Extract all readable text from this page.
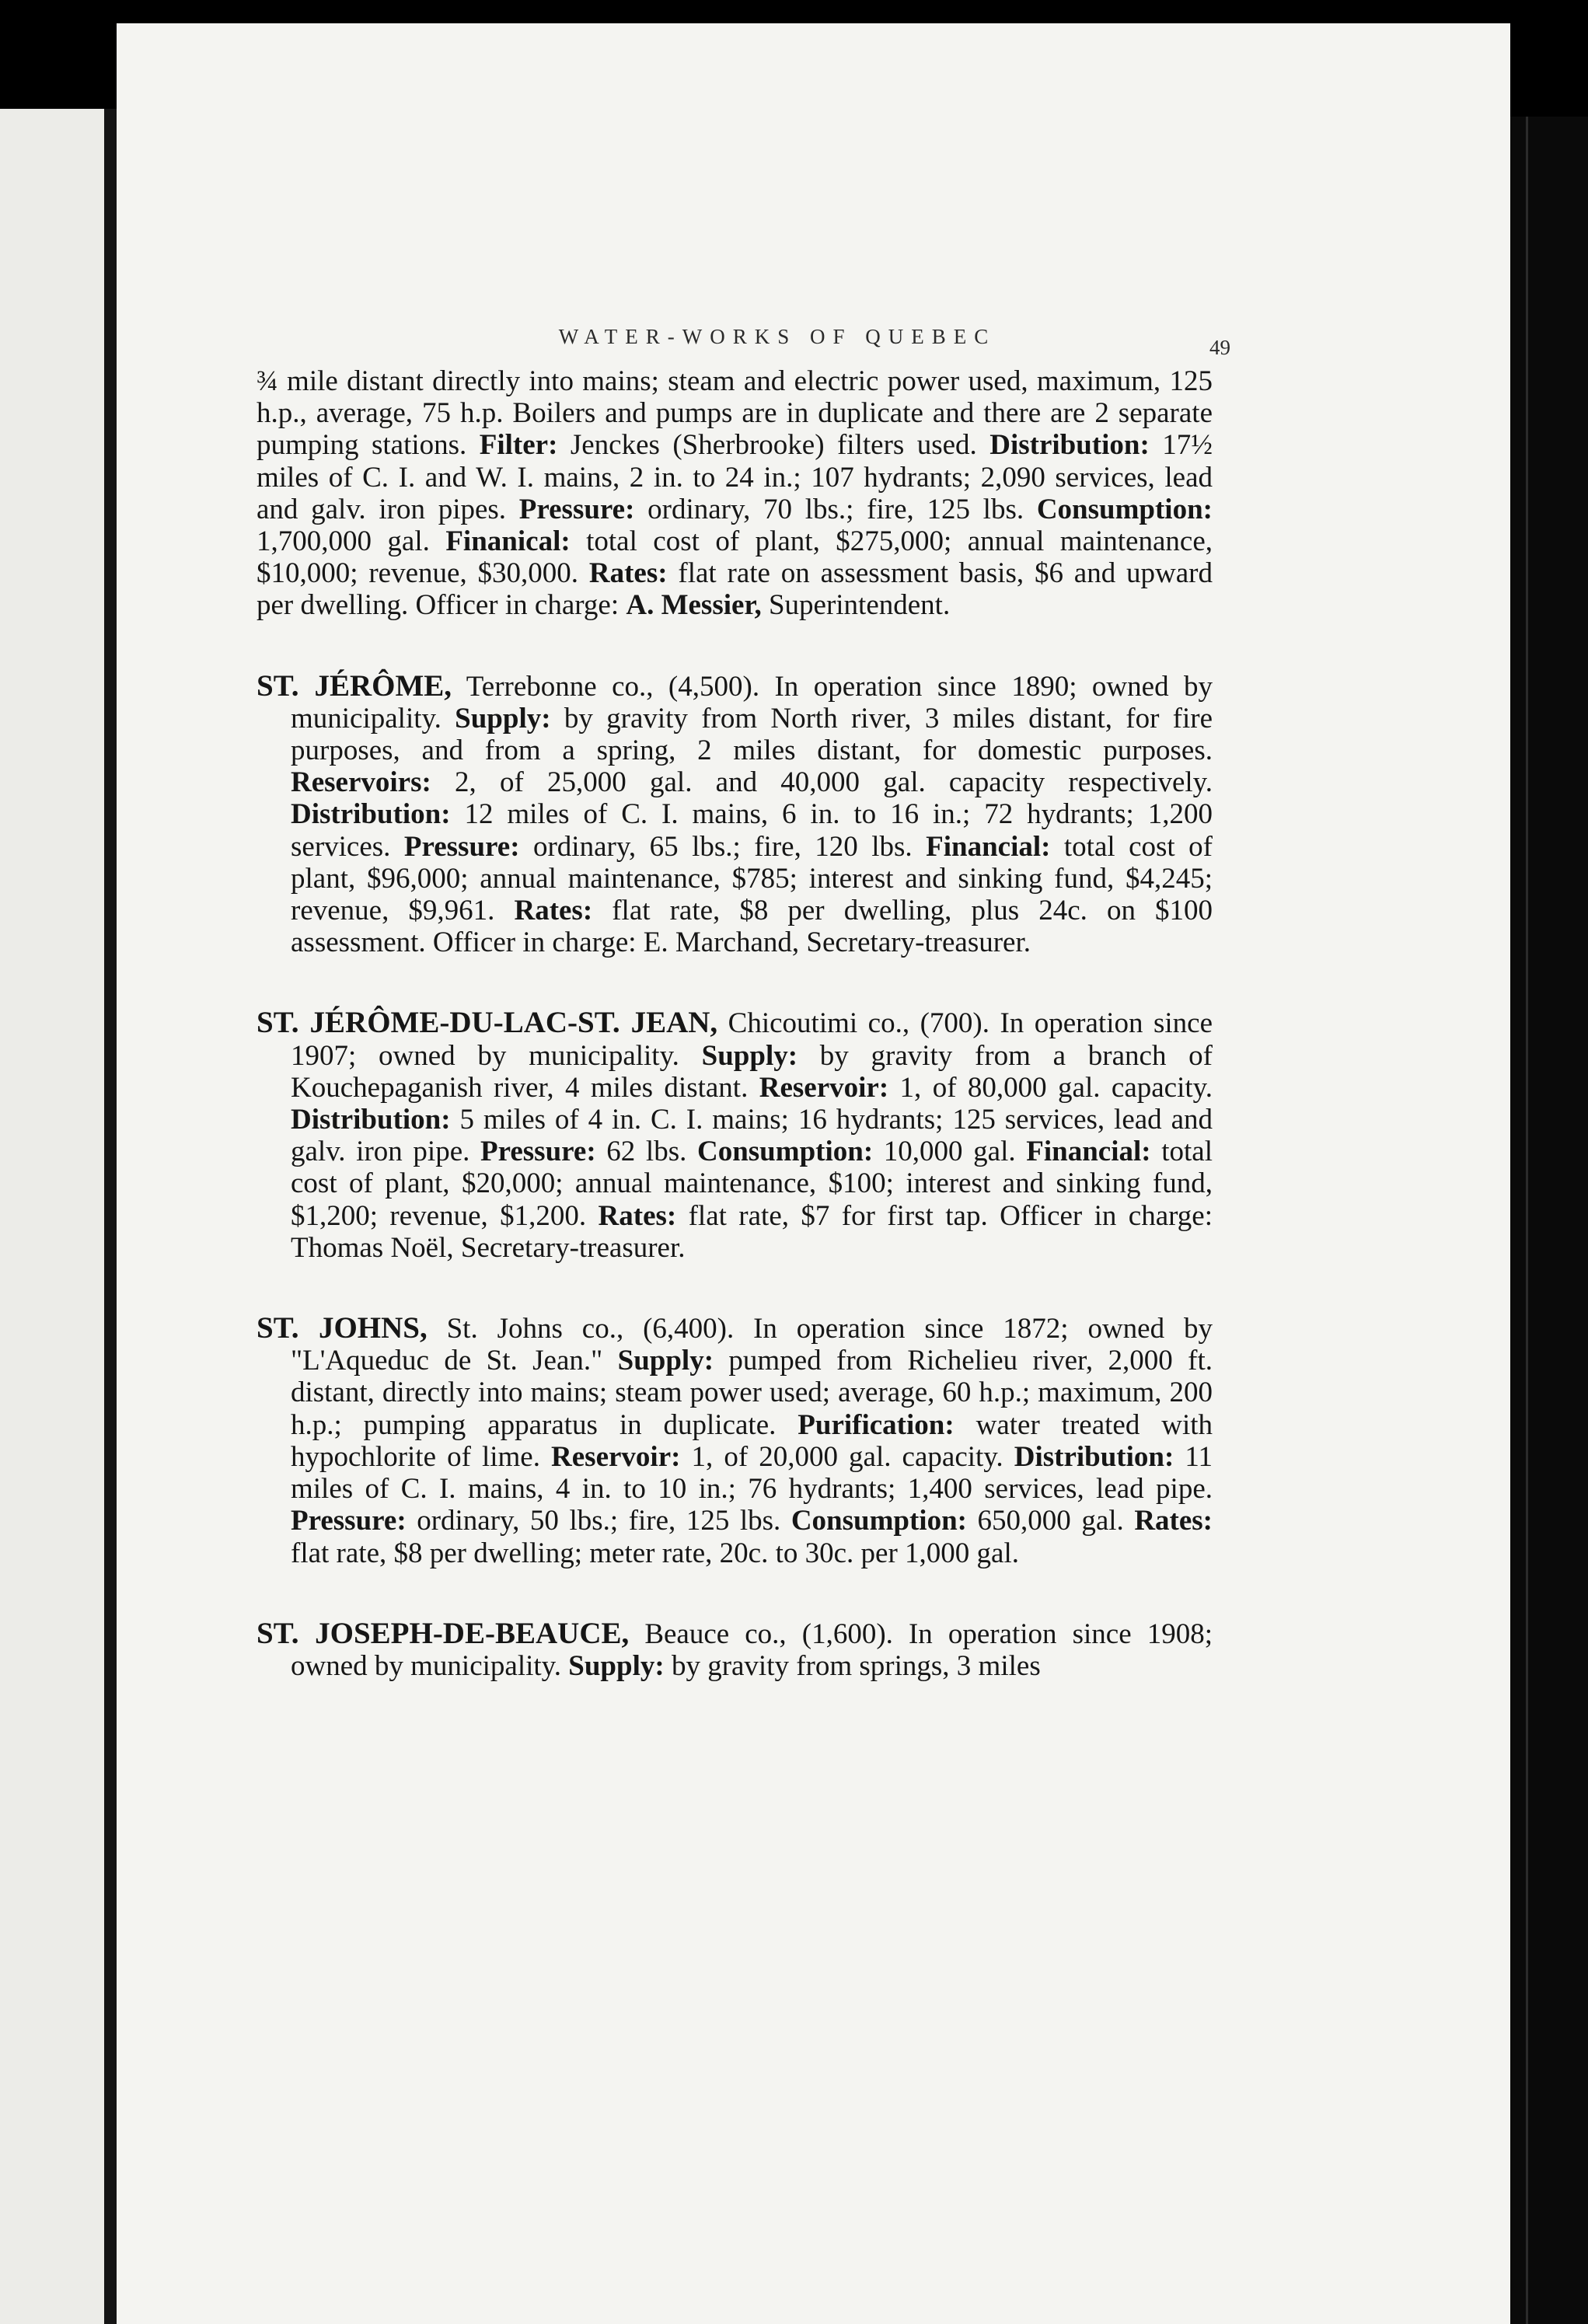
WATER-WORKS OF QUEBEC	49

¾ mile distant directly into mains; steam and electric power used, maximum, 125 h.p., average, 75 h.p. Boilers and pumps are in duplicate and there are 2 separate pumping stations. Filter: Jenckes (Sherbrooke) filters used. Distribution: 17½ miles of C. I. and W. I. mains, 2 in. to 24 in.; 107 hydrants; 2,090 services, lead and galv. iron pipes. Pressure: ordinary, 70 lbs.; fire, 125 lbs. Consumption: 1,700,000 gal. Finanical: total cost of plant, $275,000; annual maintenance, $10,000; revenue, $30,000. Rates: flat rate on assessment basis, $6 and upward per dwelling. Officer in charge: A. Messier, Superintendent.

ST. JÉRÔME, Terrebonne co., (4,500). In operation since 1890; owned by municipality. Supply: by gravity from North river, 3 miles distant, for fire purposes, and from a spring, 2 miles distant, for domestic purposes. Reservoirs: 2, of 25,000 gal. and 40,000 gal. capacity respectively. Distribution: 12 miles of C. I. mains, 6 in. to 16 in.; 72 hydrants; 1,200 services. Pressure: ordinary, 65 lbs.; fire, 120 lbs. Financial: total cost of plant, $96,000; annual maintenance, $785; interest and sinking fund, $4,245; revenue, $9,961. Rates: flat rate, $8 per dwelling, plus 24c. on $100 assessment. Officer in charge: E. Marchand, Secretary-treasurer.

ST. JÉRÔME-DU-LAC-ST. JEAN, Chicoutimi co., (700). In operation since 1907; owned by municipality. Supply: by gravity from a branch of Kouchepaganish river, 4 miles distant. Reservoir: 1, of 80,000 gal. capacity. Distribution: 5 miles of 4 in. C. I. mains; 16 hydrants; 125 services, lead and galv. iron pipe. Pressure: 62 lbs. Consumption: 10,000 gal. Financial: total cost of plant, $20,000; annual maintenance, $100; interest and sinking fund, $1,200; revenue, $1,200. Rates: flat rate, $7 for first tap. Officer in charge: Thomas Noël, Secretary-treasurer.

ST. JOHNS, St. Johns co., (6,400). In operation since 1872; owned by "L'Aqueduc de St. Jean." Supply: pumped from Richelieu river, 2,000 ft. distant, directly into mains; steam power used; average, 60 h.p.; maximum, 200 h.p.; pumping apparatus in duplicate. Purification: water treated with hypochlorite of lime. Reservoir: 1, of 20,000 gal. capacity. Distribution: 11 miles of C. I. mains, 4 in. to 10 in.; 76 hydrants; 1,400 services, lead pipe. Pressure: ordinary, 50 lbs.; fire, 125 lbs. Consumption: 650,000 gal. Rates: flat rate, $8 per dwelling; meter rate, 20c. to 30c. per 1,000 gal.

ST. JOSEPH-DE-BEAUCE, Beauce co., (1,600). In operation since 1908; owned by municipality. Supply: by gravity from springs, 3 miles
